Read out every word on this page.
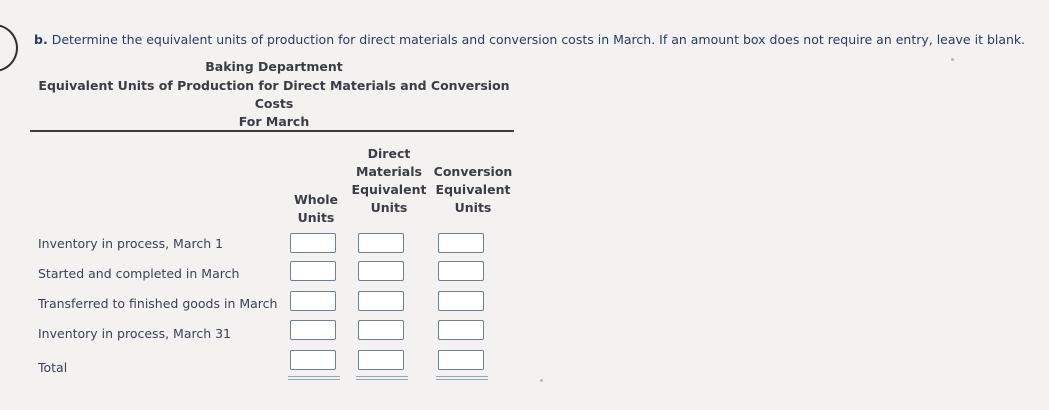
b. Determine the equivalent units of production for direct materials and conversion costs in March. If an amount box does not require an entry, leave it blank.
Baking Department
Equivalent Units of Production for Direct Materials and Conversion
Costs
For March
Whole
Units
Direct
Materials
Equivalent
Units
Conversion
Equivalent
Units
Inventory in process, March 1
Started and completed in March
Transferred to finished goods in March
Inventory in process, March 31
Total
